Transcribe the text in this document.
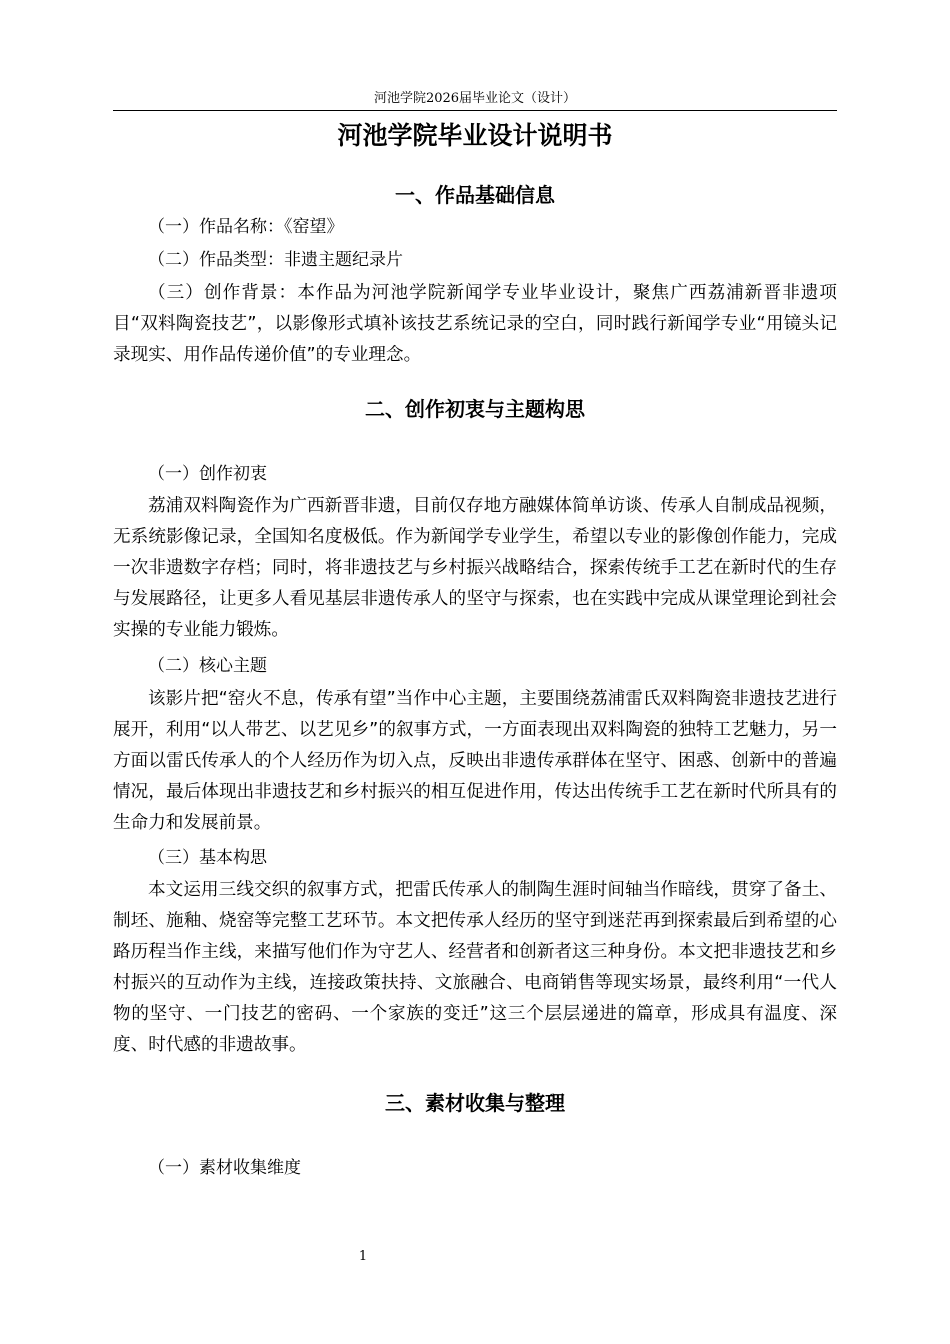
河池学院2026届毕业论文（设计）
河池学院毕业设计说明书
一、作品基础信息
（一）作品名称：《窑望》
（二）作品类型：非遗主题纪录片

（三）创作背景：本作品为河池学院新闻学专业毕业设计，聚焦广西荔浦新晋非遗项目“双料陶瓷技艺”，以影像形式填补该技艺系统记录的空白，同时践行新闻学专业“用镜头记录现实、用作品传递价值”的专业理念。

二、创作初衷与主题构思
（一）创作初衷

荔浦双料陶瓷作为广西新晋非遗，目前仅存地方融媒体简单访谈、传承人自制成品视频，无系统影像记录，全国知名度极低。作为新闻学专业学生，希望以专业的影像创作能力，完成一次非遗数字存档；同时，将非遗技艺与乡村振兴战略结合，探索传统手工艺在新时代的生存与发展路径，让更多人看见基层非遗传承人的坚守与探索，也在实践中完成从课堂理论到社会实操的专业能力锻炼。

（二）核心主题

该影片把“窑火不息，传承有望”当作中心主题，主要围绕荔浦雷氏双料陶瓷非遗技艺进行展开，利用“以人带艺、以艺见乡”的叙事方式，一方面表现出双料陶瓷的独特工艺魅力，另一方面以雷氏传承人的个人经历作为切入点，反映出非遗传承群体在坚守、困惑、创新中的普遍情况，最后体现出非遗技艺和乡村振兴的相互促进作用，传达出传统手工艺在新时代所具有的生命力和发展前景。

（三）基本构思

本文运用三线交织的叙事方式，把雷氏传承人的制陶生涯时间轴当作暗线，贯穿了备土、制坯、施釉、烧窑等完整工艺环节。本文把传承人经历的坚守到迷茫再到探索最后到希望的心路历程当作主线，来描写他们作为守艺人、经营者和创新者这三种身份。本文把非遗技艺和乡村振兴的互动作为主线，连接政策扶持、文旅融合、电商销售等现实场景，最终利用“一代人物的坚守、一门技艺的密码、一个家族的变迁”这三个层层递进的篇章，形成具有温度、深度、时代感的非遗故事。

三、素材收集与整理
（一）素材收集维度
1
